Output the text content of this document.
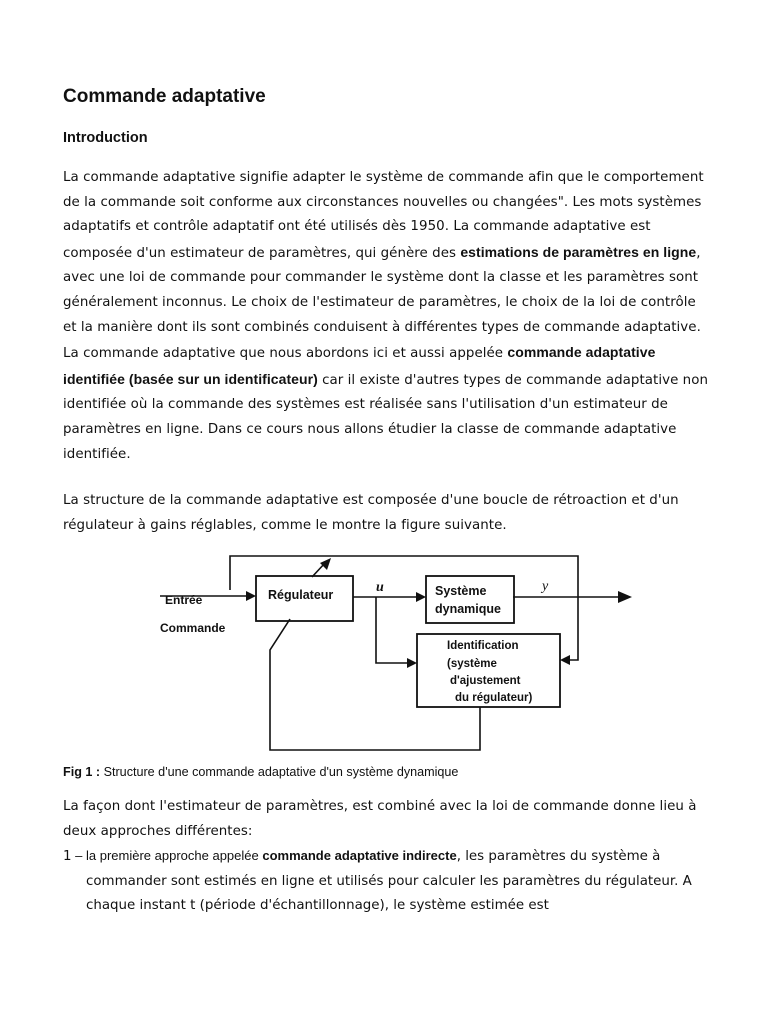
Commande adaptative
Introduction
La commande adaptative signifie adapter le système de commande afin que le comportement de la commande soit conforme aux circonstances nouvelles ou changées". Les mots systèmes adaptatifs et contrôle adaptatif ont été utilisés dès 1950. La commande adaptative est composée d'un estimateur de paramètres, qui génère des estimations de paramètres en ligne, avec une loi de commande pour commander le système dont la classe et les paramètres sont généralement inconnus. Le choix de l'estimateur de paramètres, le choix de la loi de contrôle et la manière dont ils sont combinés conduisent à différentes types de commande adaptative. La commande adaptative que nous abordons ici et aussi appelée commande adaptative identifiée (basée sur un identificateur) car il existe d'autres types de commande adaptative non identifiée où la commande des systèmes est réalisée sans l'utilisation d'un estimateur de paramètres en ligne. Dans ce cours nous allons étudier la classe de commande adaptative identifiée.
La structure de la commande adaptative est composée d'une boucle de rétroaction et d'un régulateur à gains réglables, comme le montre la figure suivante.
Entrée
Commande
Régulateur	u	Système
dynamique
y
Identification
(système
d'ajustement
du régulateur)
Fig 1 : Structure d'une commande adaptative d'un système dynamique
La façon dont l'estimateur de paramètres, est combiné avec la loi de commande donne lieu à deux approches différentes:
1 – la première approche appelée commande adaptative indirecte, les paramètres du système à commander sont estimés en ligne et utilisés pour calculer les paramètres du régulateur. A chaque instant t (période d'échantillonnage), le système estimée est
